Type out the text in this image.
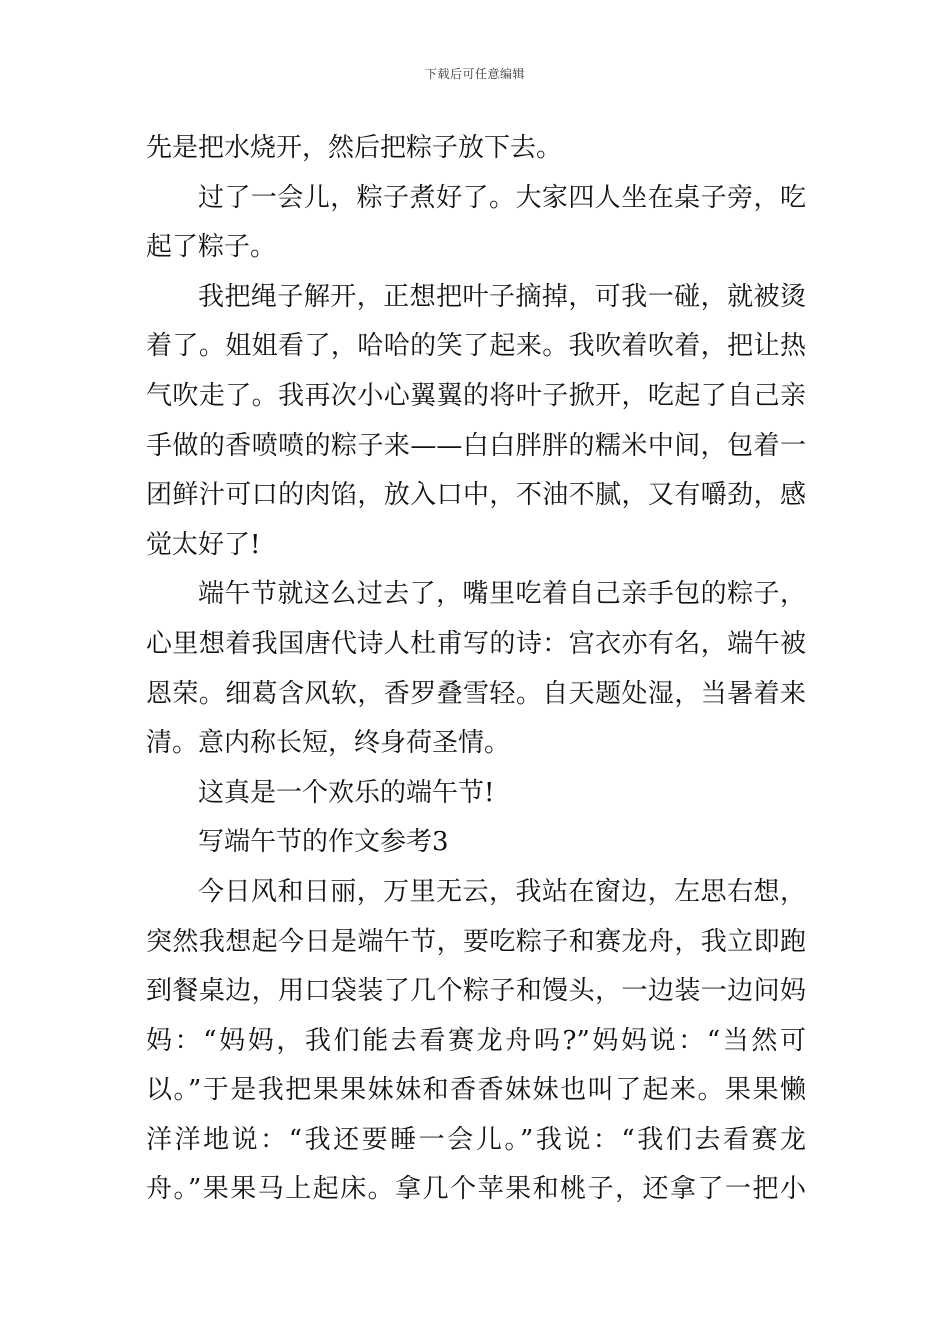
下载后可任意编辑
先是把水烧开，然后把粽子放下去。
过了一会儿，粽子煮好了。大家四人坐在桌子旁，吃
起了粽子。
我把绳子解开，正想把叶子摘掉，可我一碰，就被烫
着了。姐姐看了，哈哈的笑了起来。我吹着吹着，把让热
气吹走了。我再次小心翼翼的将叶子掀开，吃起了自己亲
手做的香喷喷的粽子来——白白胖胖的糯米中间，包着一
团鲜汁可口的肉馅，放入口中，不油不腻，又有嚼劲，感
觉太好了!
端午节就这么过去了，嘴里吃着自己亲手包的粽子，
心里想着我国唐代诗人杜甫写的诗：宫衣亦有名，端午被
恩荣。细葛含风软，香罗叠雪轻。自天题处湿，当暑着来
清。意内称长短，终身荷圣情。
这真是一个欢乐的端午节!
写端午节的作文参考3
今日风和日丽，万里无云，我站在窗边，左思右想，
突然我想起今日是端午节，要吃粽子和赛龙舟，我立即跑
到餐桌边，用口袋装了几个粽子和馒头，一边装一边问妈
妈：“妈妈，我们能去看赛龙舟吗?”妈妈说：“当然可
以。”于是我把果果妹妹和香香妹妹也叫了起来。果果懒
洋洋地说：“我还要睡一会儿。”我说：“我们去看赛龙
舟。”果果马上起床。拿几个苹果和桃子，还拿了一把小
